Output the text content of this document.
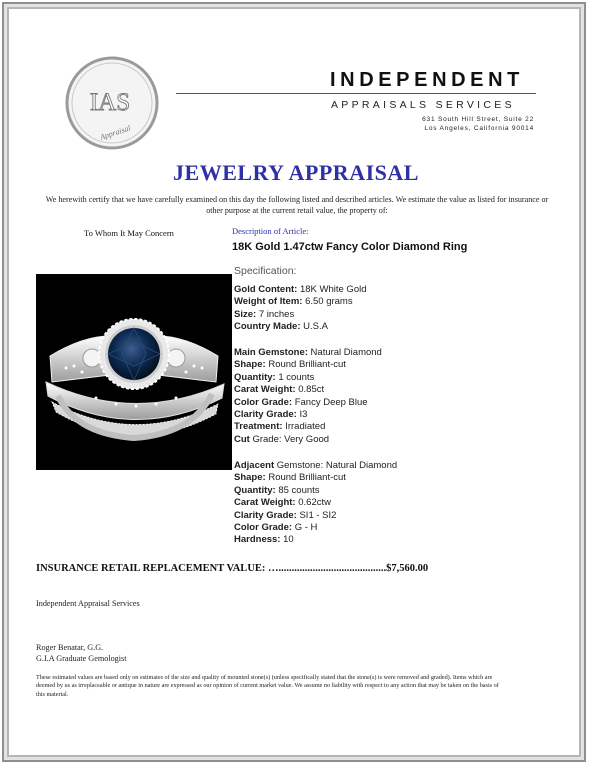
IAS
Appraisal
INDEPENDENT
APPRAISALS SERVICES
631 South Hill Street, Suite 22
Los Angeles, California 90014
JEWELRY APPRAISAL
We herewith certify that we have carefully examined on this day the following listed and described articles. We estimate the value as listed for insurance or other purpose at the current retail value, the property of:
To Whom It May Concern	Description of Article:
18K Gold 1.47ctw Fancy Color Diamond Ring
Specification:
Gold Content: 18K White Gold
Weight of Item: 6.50 grams
Size: 7 inches
Country Made: U.S.A
Main Gemstone: Natural Diamond
Shape: Round Brilliant-cut
Quantity: 1 counts
Carat Weight: 0.85ct
Color Grade: Fancy Deep Blue
Clarity Grade: I3
Treatment: Irradiated
Cut Grade: Very Good
Adjacent Gemstone: Natural Diamond
Shape: Round Brilliant-cut
Quantity: 85 counts
Carat Weight: 0.62ctw
Clarity Grade: SI1 - SI2
Color Grade: G - H
Hardness: 10
INSURANCE RETAIL REPLACEMENT VALUE: ….........................................$7,560.00
Independent Appraisal Services
Roger Benatar, G.G.
G.I.A Graduate Gemologist
These estimated values are based only on estimates of the size and quality of mounted stone(s) (unless specifically stated that the stone(s) is were removed and graded). Items which are deemed by us as irreplaceable or antique in nature are expressed as our opinion of current market value. We assume no liability with respect to any action that may be taken on the basis of this material.
